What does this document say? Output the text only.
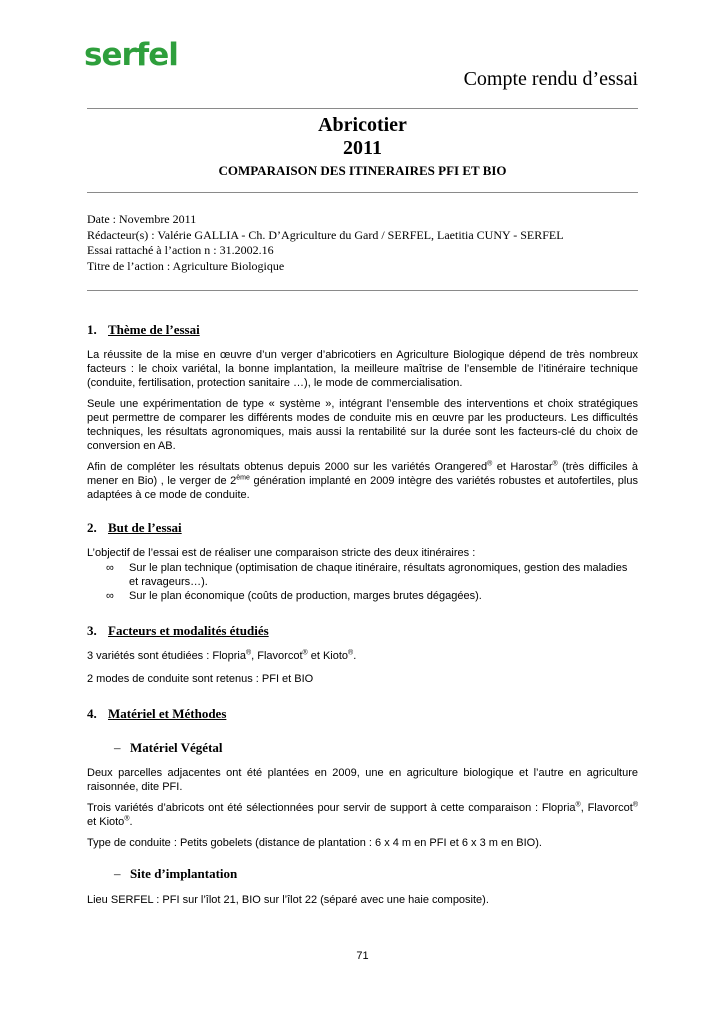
serfel
Compte rendu d’essai
Abricotier
2011
COMPARAISON DES ITINERAIRES PFI ET BIO
Date : Novembre 2011
Rédacteur(s) : Valérie GALLIA - Ch. D’Agriculture du Gard / SERFEL, Laetitia CUNY - SERFEL
Essai rattaché à l’action n : 31.2002.16
Titre de l’action : Agriculture Biologique
1. Thème de l’essai

La réussite de la mise en œuvre d’un verger d’abricotiers en Agriculture Biologique dépend de très nombreux facteurs : le choix variétal, la bonne implantation, la meilleure maîtrise de l’ensemble de l’itinéraire technique (conduite, fertilisation, protection sanitaire …), le mode de commercialisation.

Seule une expérimentation de type « système », intégrant l’ensemble des interventions et choix stratégiques peut permettre de comparer les différents modes de conduite mis en œuvre par les producteurs. Les difficultés techniques, les résultats agronomiques, mais aussi la rentabilité sur la durée sont les facteurs-clé du choix de conversion en AB.

Afin de compléter les résultats obtenus depuis 2000 sur les variétés Orangered® et Harostar® (très difficiles à mener en Bio) , le verger de 2ème génération implanté en 2009 intègre des variétés robustes et autofertiles, plus adaptées à ce mode de conduite.

2. But de l’essai
L’objectif de l’essai est de réaliser une comparaison stricte des deux itinéraires :
∞ Sur le plan technique (optimisation de chaque itinéraire, résultats agronomiques, gestion des maladies et ravageurs…).
∞ Sur le plan économique (coûts de production, marges brutes dégagées).
3. Facteurs et modalités étudiés

3 variétés sont étudiées : Flopria®, Flavorcot® et Kioto®.

2 modes de conduite sont retenus : PFI et BIO

4. Matériel et Méthodes
– Matériel Végétal

Deux parcelles adjacentes ont été plantées en 2009, une en agriculture biologique et l’autre en agriculture raisonnée, dite PFI.

Trois variétés d’abricots ont été sélectionnées pour servir de support à cette comparaison : Flopria®, Flavorcot® et Kioto®.

Type de conduite : Petits gobelets (distance de plantation : 6 x 4 m en PFI et 6 x 3 m en BIO).

– Site d’implantation

Lieu SERFEL : PFI sur l’îlot 21, BIO sur l’îlot 22 (séparé avec une haie composite).

71
